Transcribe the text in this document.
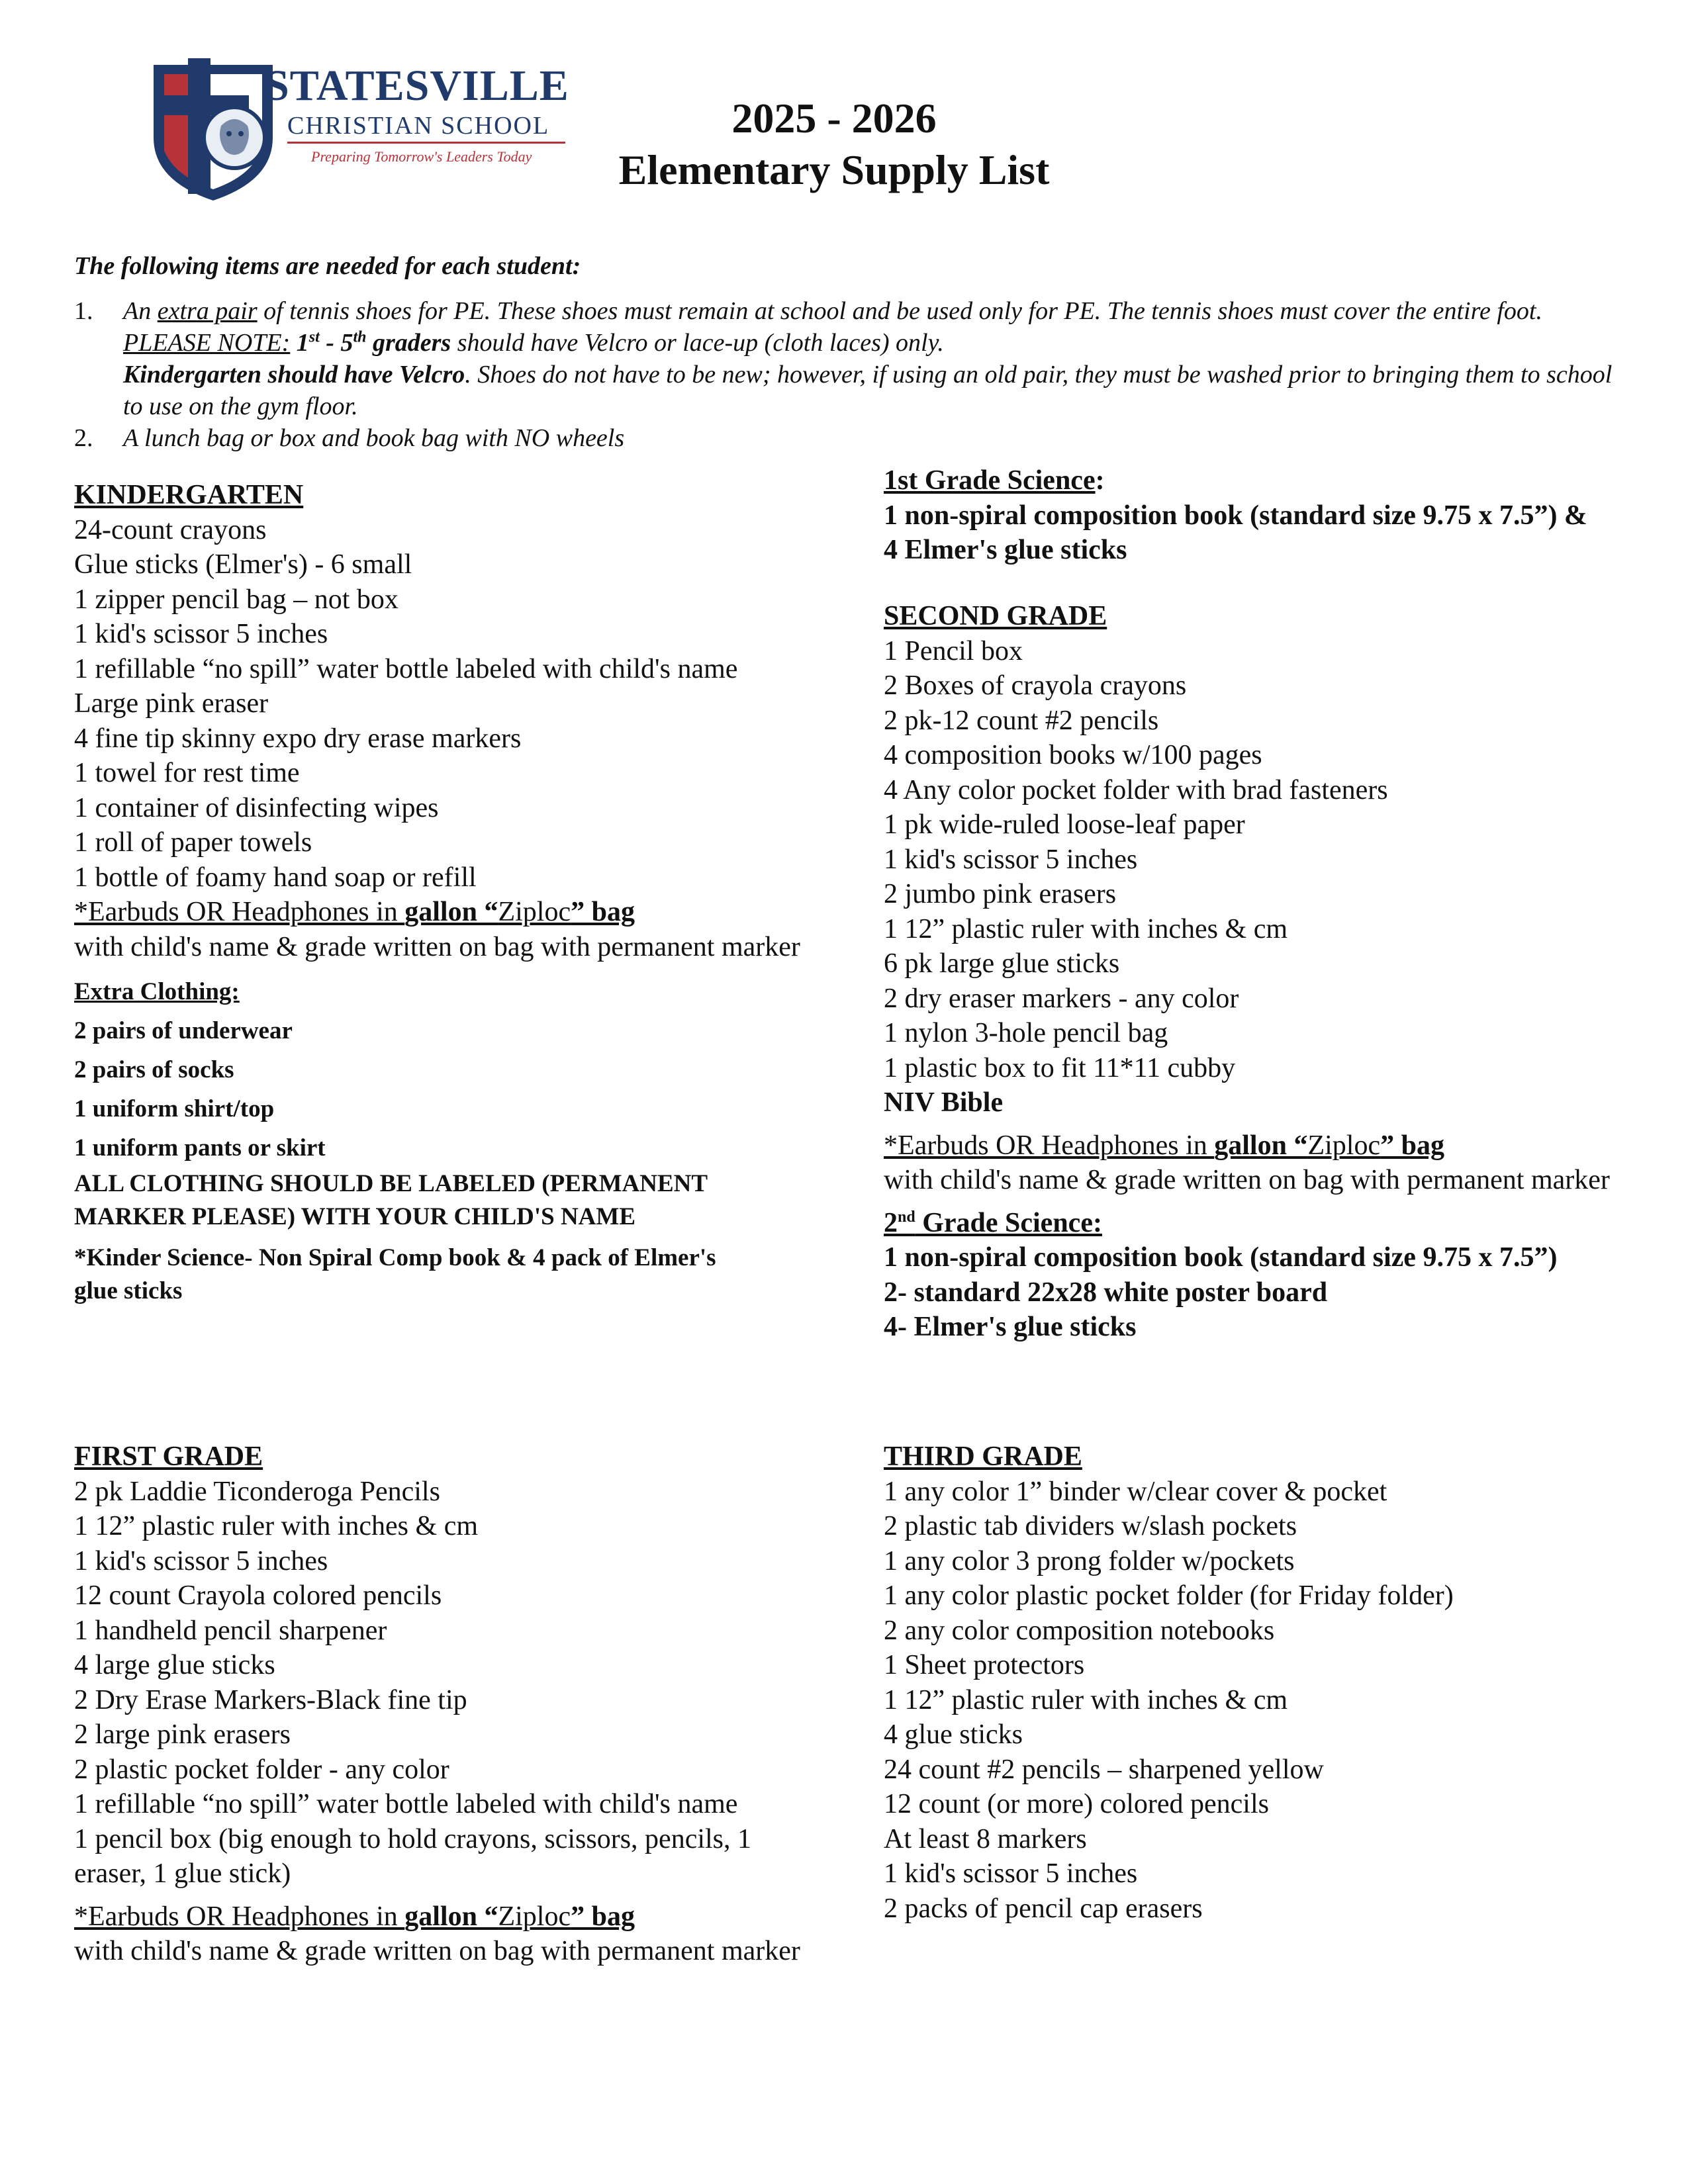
STATESVILLE
CHRISTIAN SCHOOL
Preparing Tomorrow's Leaders Today
2025 - 2026
Elementary Supply List
The following items are needed for each student:
1. An extra pair of tennis shoes for PE. These shoes must remain at school and be used only for PE. The tennis shoes must cover the entire foot. PLEASE NOTE: 1st - 5th graders should have Velcro or lace-up (cloth laces) only.
Kindergarten should have Velcro. Shoes do not have to be new; however, if using an old pair, they must be washed prior to bringing them to school to use on the gym floor.
2. A lunch bag or box and book bag with NO wheels
KINDERGARTEN
24-count crayons
Glue sticks (Elmer's) - 6 small
1 zipper pencil bag – not box
1 kid's scissor 5 inches
1 refillable “no spill” water bottle labeled with child's name
Large pink eraser
4 fine tip skinny expo dry erase markers
1 towel for rest time
1 container of disinfecting wipes
1 roll of paper towels
1 bottle of foamy hand soap or refill
*Earbuds OR Headphones in gallon “Ziploc” bag
with child's name & grade written on bag with permanent marker
Extra Clothing:
2 pairs of underwear
2 pairs of socks
1 uniform shirt/top
1 uniform pants or skirt
ALL CLOTHING SHOULD BE LABELED (PERMANENT MARKER PLEASE) WITH YOUR CHILD'S NAME
*Kinder Science- Non Spiral Comp book & 4 pack of Elmer's glue sticks
FIRST GRADE
2 pk Laddie Ticonderoga Pencils
1 12” plastic ruler with inches & cm
1 kid's scissor 5 inches
12 count Crayola colored pencils
1 handheld pencil sharpener
4 large glue sticks
2 Dry Erase Markers-Black fine tip
2 large pink erasers
2 plastic pocket folder - any color
1 refillable “no spill” water bottle labeled with child's name
1 pencil box (big enough to hold crayons, scissors, pencils, 1 eraser, 1 glue stick)
*Earbuds OR Headphones in gallon “Ziploc” bag
with child's name & grade written on bag with permanent marker
1st Grade Science:
1 non-spiral composition book (standard size 9.75 x 7.5”) &
4 Elmer's glue sticks
SECOND GRADE
1 Pencil box
2 Boxes of crayola crayons
2 pk-12 count #2 pencils
4 composition books w/100 pages
4 Any color pocket folder with brad fasteners
1 pk wide-ruled loose-leaf paper
1 kid's scissor 5 inches
2 jumbo pink erasers
1 12” plastic ruler with inches & cm
6 pk large glue sticks
2 dry eraser markers - any color
1 nylon 3-hole pencil bag
1 plastic box to fit 11*11 cubby
NIV Bible
*Earbuds OR Headphones in gallon “Ziploc” bag
with child's name & grade written on bag with permanent marker
2nd Grade Science:
1 non-spiral composition book (standard size 9.75 x 7.5”)
2- standard 22x28 white poster board
4- Elmer's glue sticks
THIRD GRADE
1 any color 1” binder w/clear cover & pocket
2 plastic tab dividers w/slash pockets
1 any color 3 prong folder w/pockets
1 any color plastic pocket folder (for Friday folder)
2 any color composition notebooks
1 Sheet protectors
1 12” plastic ruler with inches & cm
4 glue sticks
24 count #2 pencils – sharpened yellow
12 count (or more) colored pencils
At least 8 markers
1 kid's scissor 5 inches
2 packs of pencil cap erasers
